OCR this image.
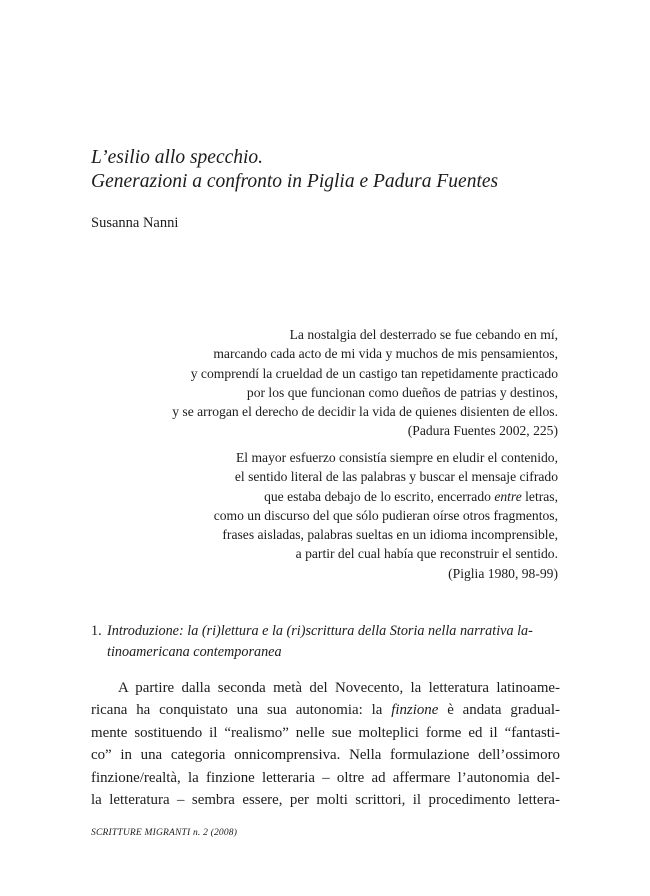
L’esilio allo specchio.
Generazioni a confronto in Piglia e Padura Fuentes
Susanna Nanni
La nostalgia del desterrado se fue cebando en mí,
marcando cada acto de mi vida y muchos de mis pensamientos,
y comprendí la crueldad de un castigo tan repetidamente practicado
por los que funcionan como dueños de patrias y destinos,
y se arrogan el derecho de decidir la vida de quienes disienten de ellos.
(Padura Fuentes 2002, 225)
El mayor esfuerzo consistía siempre en eludir el contenido,
el sentido literal de las palabras y buscar el mensaje cifrado
que estaba debajo de lo escrito, encerrado entre letras,
como un discurso del que sólo pudieran oírse otros fragmentos,
frases aisladas, palabras sueltas en un idioma incomprensible,
a partir del cual había que reconstruir el sentido.
(Piglia 1980, 98-99)
1. Introduzione: la (ri)lettura e la (ri)scrittura della Storia nella narrativa la-
tinoamericana contemporanea
A partire dalla seconda metà del Novecento, la letteratura latinoame-
ricana ha conquistato una sua autonomia: la finzione è andata gradual-
mente sostituendo il “realismo” nelle sue molteplici forme ed il “fantasti-
co” in una categoria onnicomprensiva. Nella formulazione dell’ossimoro
finzione/realtà, la finzione letteraria – oltre ad affermare l’autonomia del-
la letteratura – sembra essere, per molti scrittori, il procedimento lettera-
SCRITTURE MIGRANTI n. 2 (2008)
